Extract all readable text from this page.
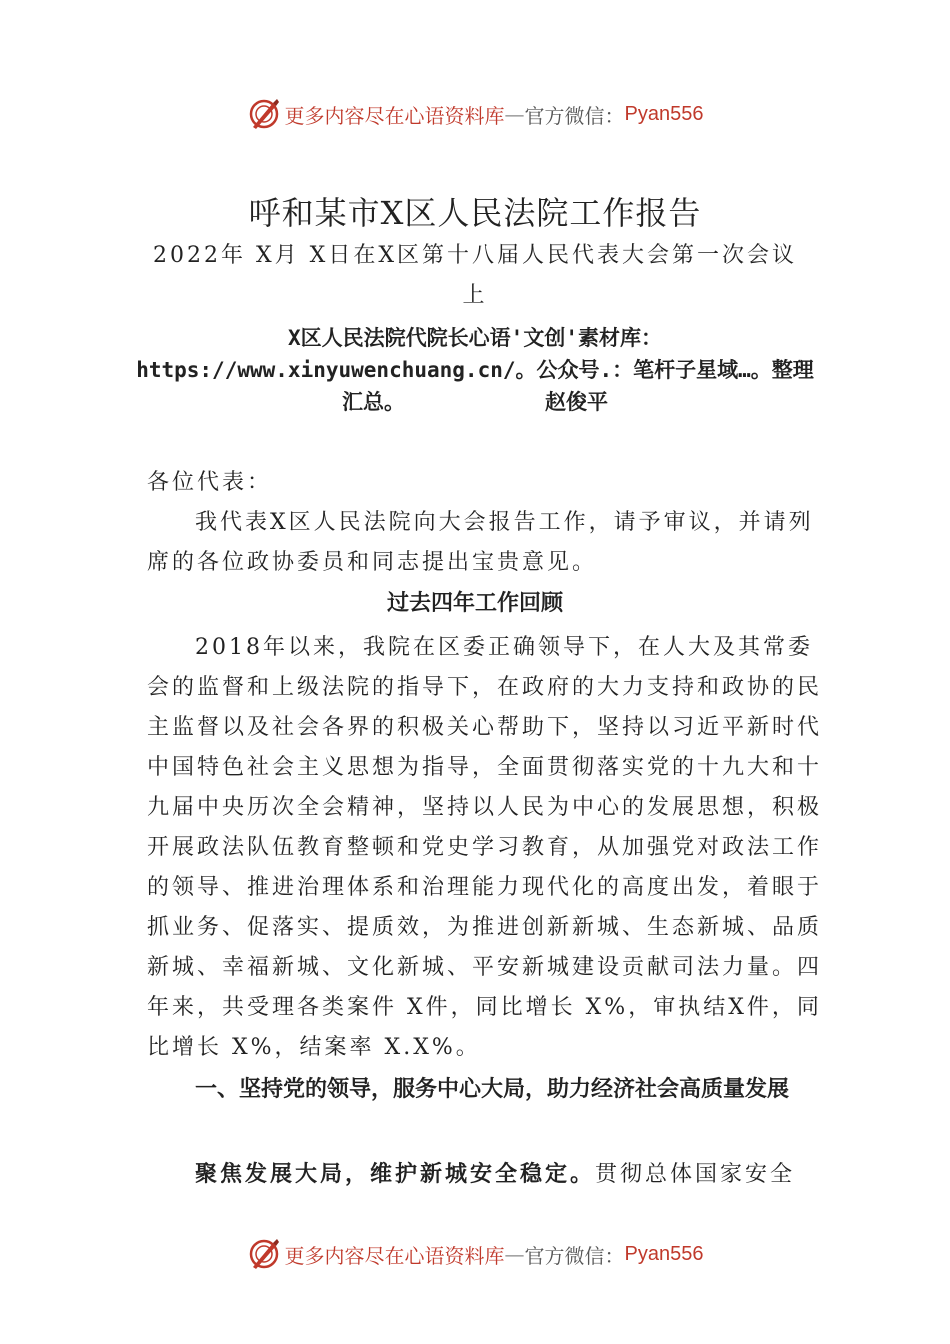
更多内容尽在心语资料库 — 官方微信： Pyan556
呼和某市X区人民法院工作报告
2022年 X月 X日在X区第十八届人民代表大会第一次会议上
X区人民法院代院长心语'文创'素材库：https://www.xinyuwenchuang.cn/。公众号.：笔杆子星域…。整理汇总。	赵俊平
各位代表：
我代表X区人民法院向大会报告工作，请予审议，并请列席的各位政协委员和同志提出宝贵意见。
过去四年工作回顾
2018年以来，我院在区委正确领导下，在人大及其常委会的监督和上级法院的指导下，在政府的大力支持和政协的民主监督以及社会各界的积极关心帮助下，坚持以习近平新时代中国特色社会主义思想为指导，全面贯彻落实党的十九大和十九届中央历次全会精神，坚持以人民为中心的发展思想，积极开展政法队伍教育整顿和党史学习教育，从加强党对政法工作的领导、推进治理体系和治理能力现代化的高度出发，着眼于抓业务、促落实、提质效，为推进创新新城、生态新城、品质新城、幸福新城、文化新城、平安新城建设贡献司法力量。四年来，共受理各类案件 X件，同比增长 X%，审执结X件，同比增长 X%，结案率 X.X%。
一、坚持党的领导，服务中心大局，助力经济社会高质量发展
聚焦发展大局，维护新城安全稳定。贯彻总体国家安全
更多内容尽在心语资料库 — 官方微信： Pyan556
